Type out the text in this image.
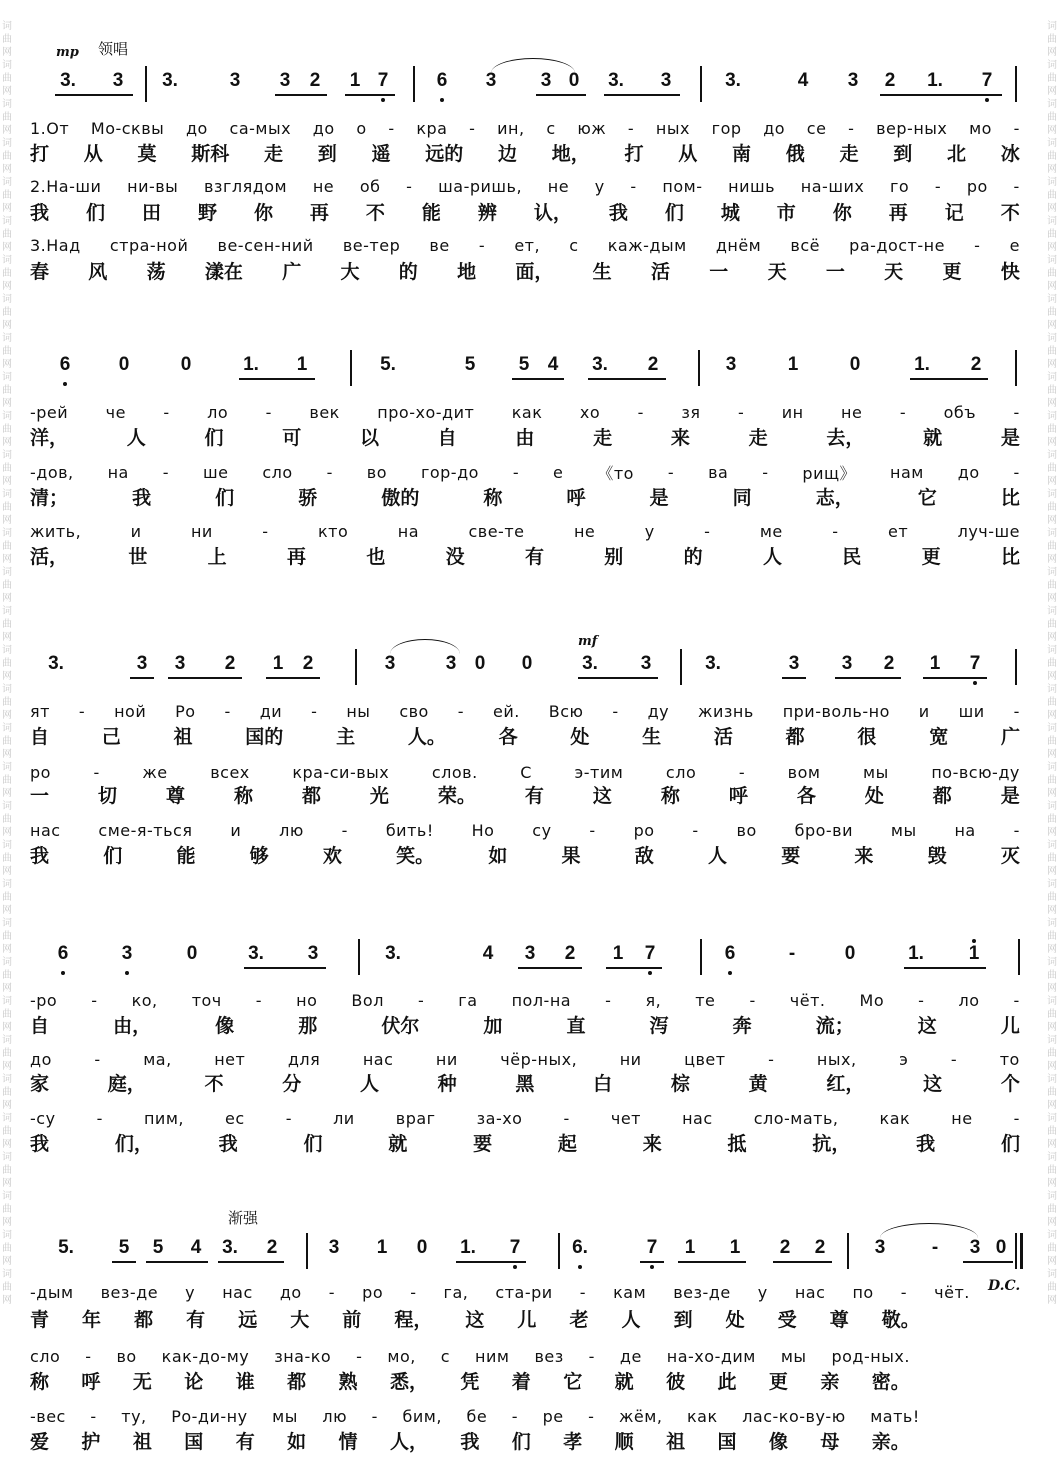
词曲网词曲网词曲网词曲网词曲网词曲网词曲网词曲网词曲网词曲网词曲网词曲网词曲网词曲网词曲网词曲网词曲网词曲网词曲网词曲网词曲网词曲网词曲网词曲网词曲网词曲网词曲网词曲网词曲网词曲网词曲网词曲网词曲网
词曲网词曲网词曲网词曲网词曲网词曲网词曲网词曲网词曲网词曲网词曲网词曲网词曲网词曲网词曲网词曲网词曲网词曲网词曲网词曲网词曲网词曲网词曲网词曲网词曲网词曲网词曲网词曲网词曲网词曲网词曲网词曲网词曲网
mp 领唱
mf
渐强
D.C.
3.	3	3.	3	3	2	1 7	6	3	3 0	3.	3	3.	4	3	2	1.	7
1.От Мо-сквы до са-мых до о - кра - ин, с юж - ных гор до се - вер-ных мо -
打 从 莫 斯科 走 到 遥 远的 边 地， 打 从 南 俄 走 到 北 冰
2.На-ши ни-вы взглядом не об - ша-ришь, не у - пом- нишь на-ших го - ро -
我 们 田 野 你 再 不 能 辨 认， 我 们 城 市 你 再 记 不
3.Над стра-ной ве-сен-ний ве-тер ве - ет, с каж-дым днём всё ра-дост-не - е
春 风 荡 漾在 广 大 的 地 面， 生 活 一 天 一 天 更 快
6	0	0	1.	1	5.	5	5 4	3.	2	3	1	0	1.	2
-рей че - ло - век про-хо-дит как хо - зя - ин не - объ -
洋，	人	们	可	以	自	由	走	来	走	去，	就	是
-дов, на - ше сло - во гор-до - е 《то - ва - рищ》 нам до -
清；	我	们	骄	傲的	称	呼	是	同	志，	它	比
жить,	и	ни	-	кто	на	све-те	не	у	-	ме	-	ет	луч-ше
活，	世	上	再	也	没	有	别	的	人	民	更	比
3.	3	3	2	1	2	3	3 0	0	3.	3	3.	3	3	2	1	7
ят - ной Ро - ди - ны сво - ей. Всю - ду жизнь при-воль-но и ши -
自	己	祖	国的	主	人。	各	处	生	活	都	很	宽	广
ро	-	же	всех	кра-си-вых	слов.	С	э-тим	сло	-	вом	мы	по-всю-ду
一	切	尊	称	都	光	荣。	有	这	称	呼	各	处	都	是
нас сме-я-ться и лю - бить! Но су - ро - во бро-ви мы на -
我	们	能	够	欢	笑。	如	果	敌	人	要	来	毁	灭
6	3	0	3.	3	3.	4	3	2	1	7	6	-	0	1.	1
-ро - ко, точ - но Вол - га пол-на - я, те - чёт. Мо - ло -
自	由，	像	那	伏尔	加	直	泻	奔	流；	这	儿
до	-	ма,	нет	для	нас	ни	чёр-ных,	ни	цвет	-	ных,	э	-	то
家	庭，	不	分	人	种	黑	白	棕	黄	红，	这	个
-су	-	пим,	ес	-	ли	враг	за-хо	-	чет	нас	сло-мать,	как	не	-
我	们，	我	们	就	要	起	来	抵	抗，	我	们
5.	5	5	4	3.	2	3	1	0	1.	7	6.	7	1	1	2	2	3	-	3 0
-дым вез-де у нас до - ро - га, ста-ри - кам вез-де у нас по - чёт.
青 年 都 有 远 大 前 程， 这 儿 老 人 到 处 受 尊 敬。
сло - во как-до-му зна-ко - мо, с ним вез - де на-хо-дим мы род-ных.
称 呼 无 论 谁 都 熟 悉， 凭 着 它 就 彼 此 更 亲 密。
-вес - ту, Ро-ди-ну мы лю - бим, бе - ре - жём, как лас-ко-ву-ю мать!
爱 护 祖 国 有 如 情 人， 我 们 孝 顺 祖 国 像 母 亲。
